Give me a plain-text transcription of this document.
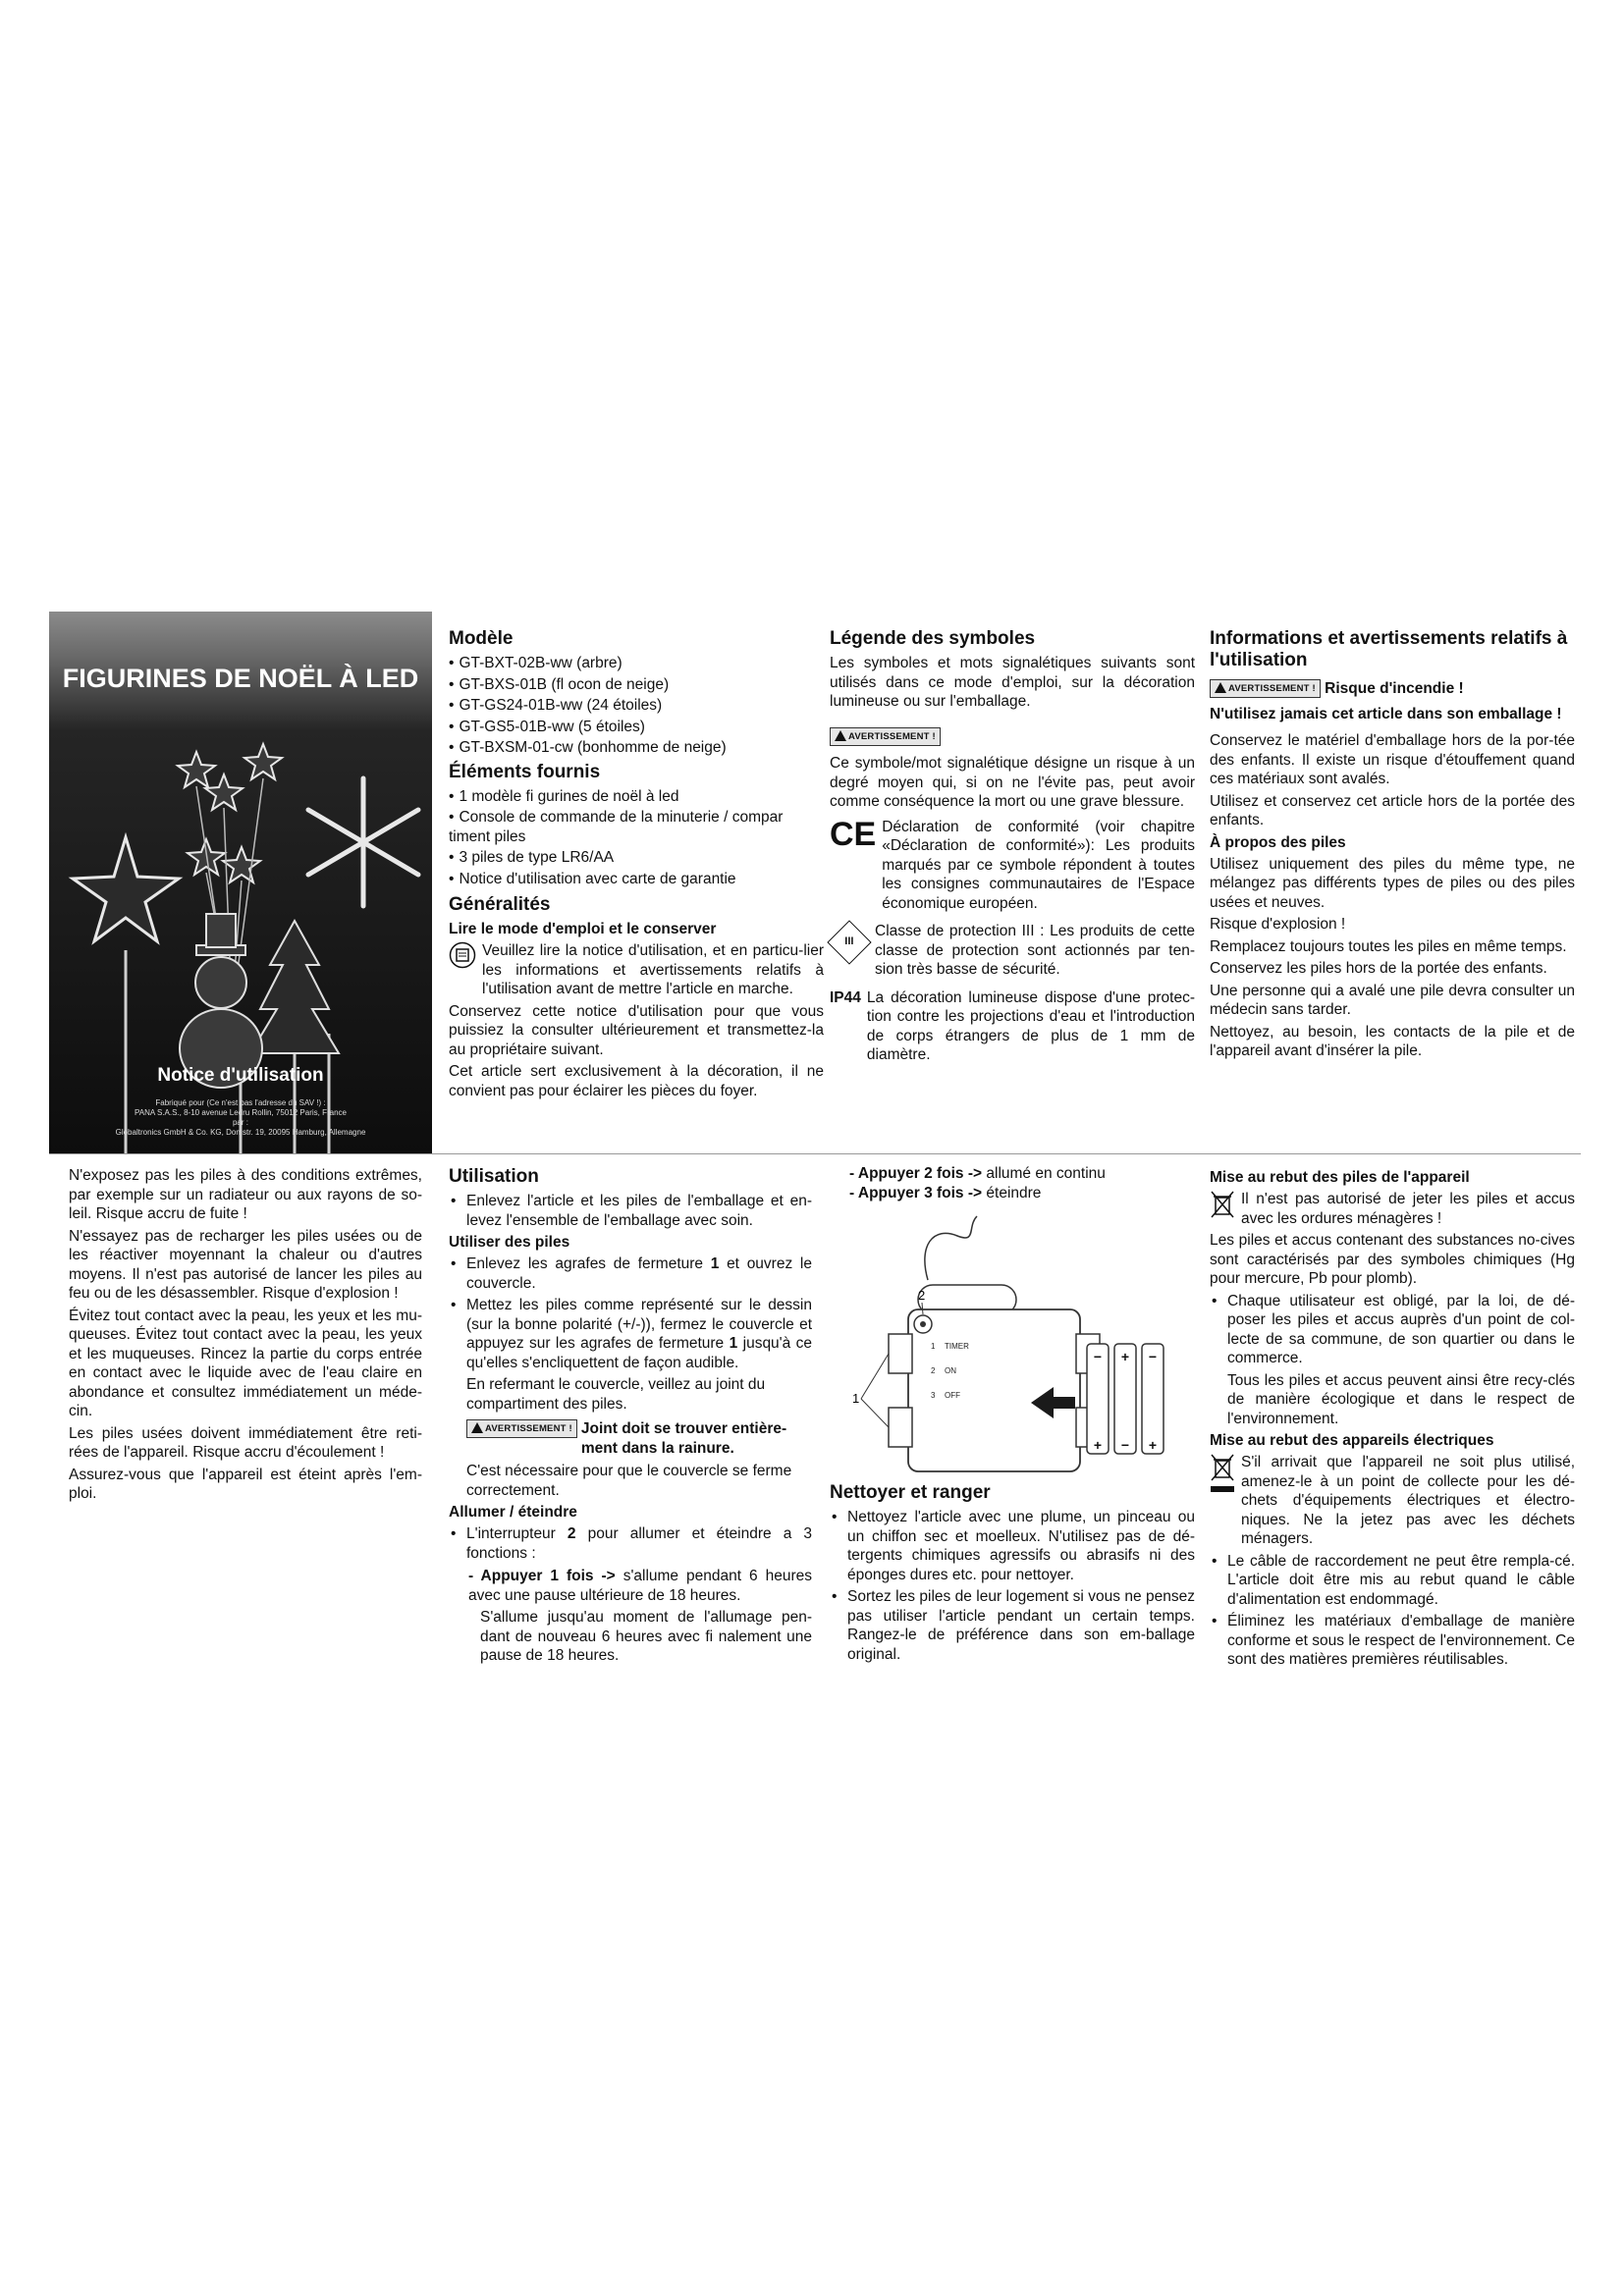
FIGURINES DE NOËL À LED
Notice d'utilisation
Fabriqué pour (Ce n'est pas l'adresse du SAV !) :
PANA S.A.S., 8-10 avenue Ledru Rollin, 75012 Paris, France
par :
Globaltronics GmbH & Co. KG, Domstr. 19, 20095 Hamburg, Allemagne
Modèle
• GT-BXT-02B-ww (arbre)
• GT-BXS-01B (fl ocon de neige)
• GT-GS24-01B-ww (24 étoiles)
• GT-GS5-01B-ww (5 étoiles)
• GT-BXSM-01-cw (bonhomme de neige)
Éléments fournis
• 1 modèle fi gurines de noël à led
• Console de commande de la minuterie / compar timent piles
• 3 piles de type LR6/AA
• Notice d'utilisation avec carte de garantie
Généralités
Lire le mode d'emploi et le conserver

Veuillez lire la notice d'utilisation, et en particu-lier les informations et avertissements relatifs à l'utilisation avant de mettre l'article en marche.

Conservez cette notice d'utilisation pour que vous puissiez la consulter ultérieurement et transmettez-la au propriétaire suivant.

Cet article sert exclusivement à la décoration, il ne convient pas pour éclairer les pièces du foyer.

Légende des symboles

Les symboles et mots signalétiques suivants sont utilisés dans ce mode d'emploi, sur la décoration lumineuse ou sur l'emballage.

AVERTISSEMENT !

Ce symbole/mot signalétique désigne un risque à un degré moyen qui, si on ne l'évite pas, peut avoir comme conséquence la mort ou une grave blessure.

CE Déclaration de conformité (voir chapitre «Déclaration de conformité»): Les produits marqués par ce symbole répondent à toutes les consignes communautaires de l'Espace économique européen.

III

Classe de protection III : Les produits de cette classe de protection sont actionnés par ten-sion très basse de sécurité.

IP44 La décoration lumineuse dispose d'une protec-tion contre les projections d'eau et l'introduction de corps étrangers de plus de 1 mm de diamètre.

Informations et avertissements relatifs à l'utilisation
AVERTISSEMENT ! Risque d'incendie !

N'utilisez jamais cet article dans son emballage !

Conservez le matériel d'emballage hors de la por-tée des enfants. Il existe un risque d'étouffement quand ces matériaux sont avalés.

Utilisez et conservez cet article hors de la portée des enfants.

À propos des piles

Utilisez uniquement des piles du même type, ne mélangez pas différents types de piles ou des piles usées et neuves.

Risque d'explosion !

Remplacez toujours toutes les piles en même temps.

Conservez les piles hors de la portée des enfants.

Une personne qui a avalé une pile devra consulter un médecin sans tarder.

Nettoyez, au besoin, les contacts de la pile et de l'appareil avant d'insérer la pile.

N'exposez pas les piles à des conditions extrêmes, par exemple sur un radiateur ou aux rayons de so-leil. Risque accru de fuite !

N'essayez pas de recharger les piles usées ou de les réactiver moyennant la chaleur ou d'autres moyens. Il n'est pas autorisé de lancer les piles au feu ou de les désassembler. Risque d'explosion !

Évitez tout contact avec la peau, les yeux et les mu-queuses. Évitez tout contact avec la peau, les yeux et les muqueuses. Rincez la partie du corps entrée en contact avec le liquide avec de l'eau claire en abondance et consultez immédiatement un méde-cin.

Les piles usées doivent immédiatement être reti-rées de l'appareil. Risque accru d'écoulement !

Assurez-vous que l'appareil est éteint après l'em-ploi.

Utilisation
• Enlevez l'article et les piles de l'emballage et en-levez l'ensemble de l'emballage avec soin.
Utiliser des piles
• Enlevez les agrafes de fermeture 1 et ouvrez le couvercle.
• Mettez les piles comme représenté sur le dessin (sur la bonne polarité (+/-)), fermez le couvercle et appuyez sur les agrafes de fermeture 1 jusqu'à ce qu'elles s'encliquettent de façon audible.
En refermant le couvercle, veillez au joint du compartiment des piles.
AVERTISSEMENT ! Joint doit se trouver entière-ment dans la rainure.
C'est nécessaire pour que le couvercle se ferme correctement.
Allumer / éteindre
• L'interrupteur 2 pour allumer et éteindre a 3 fonctions :
- Appuyer 1 fois -> s'allume pendant 6 heures avec une pause ultérieure de 18 heures.
S'allume jusqu'au moment de l'allumage pen-dant de nouveau 6 heures avec fi nalement une pause de 18 heures.
- Appuyer 2 fois -> allumé en continu
- Appuyer 3 fois -> éteindre
2
1
1 TIMER
2 ON
3 OFF
−
+
+
−
−
+
Nettoyer et ranger
• Nettoyez l'article avec une plume, un pinceau ou un chiffon sec et moelleux. N'utilisez pas de dé-tergents chimiques agressifs ou abrasifs ni des éponges dures etc. pour nettoyer.
• Sortez les piles de leur logement si vous ne pensez pas utiliser l'article pendant un certain temps. Rangez-le de préférence dans son em-ballage original.
Mise au rebut des piles de l'appareil

Il n'est pas autorisé de jeter les piles et accus avec les ordures ménagères !

Les piles et accus contenant des substances no-cives sont caractérisés par des symboles chimiques (Hg pour mercure, Pb pour plomb).

• Chaque utilisateur est obligé, par la loi, de dé-poser les piles et accus auprès d'un point de col-lecte de sa commune, de son quartier ou dans le commerce.
Tous les piles et accus peuvent ainsi être recy-clés de manière écologique et dans le respect de l'environnement.
Mise au rebut des appareils électriques

S'il arrivait que l'appareil ne soit plus utilisé, amenez-le à un point de collecte pour les dé-chets d'équipements électriques et électro-niques. Ne la jetez pas avec les déchets ménagers.

• Le câble de raccordement ne peut être rempla-cé. L'article doit être mis au rebut quand le câble d'alimentation est endommagé.
• Éliminez les matériaux d'emballage de manière conforme et sous le respect de l'environnement. Ce sont des matières premières réutilisables.
